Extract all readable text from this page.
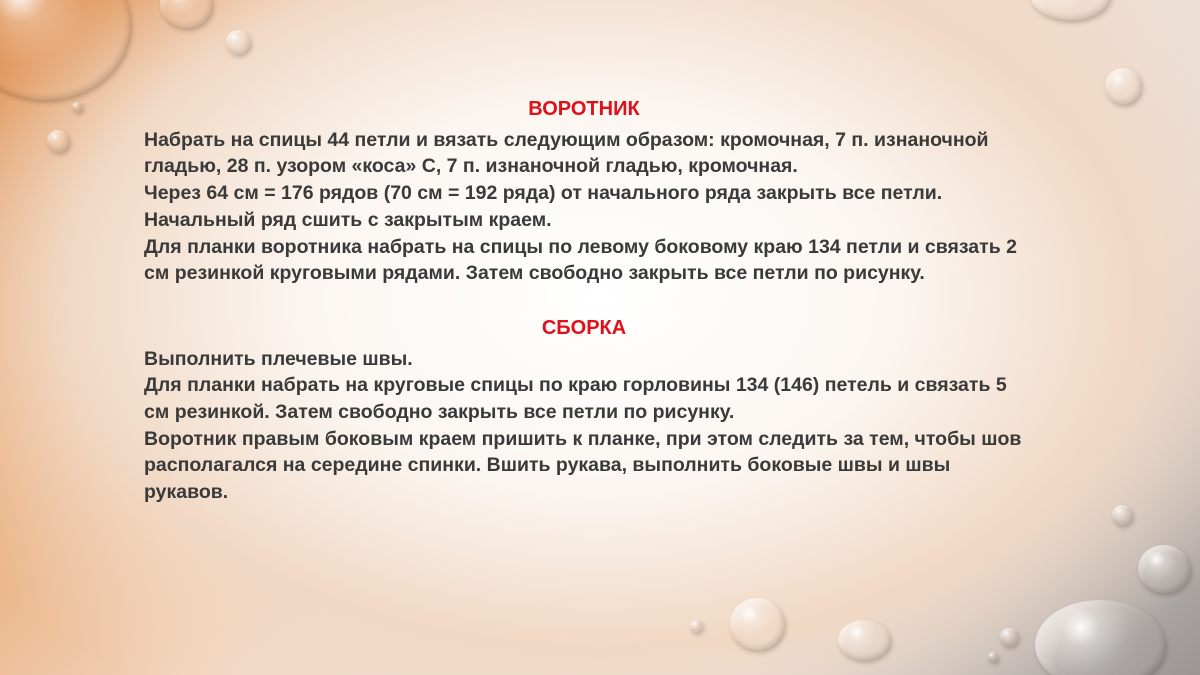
ВОРОТНИК

Набрать на спицы 44 петли и вязать следующим образом: кромочная, 7 п. изнаночной гладью, 28 п. узором «коса» С, 7 п. изнаночной гладью, кромочная.

Через 64 см = 176 рядов (70 см = 192 ряда) от начального ряда закрыть все петли. Начальный ряд сшить с закрытым краем.

Для планки воротника набрать на спицы по левому боковому краю 134 петли и связать 2 см резинкой круговыми рядами. Затем свободно закрыть все петли по рисунку.

СБОРКА

Выполнить плечевые швы.

Для планки набрать на круговые спицы по краю горловины 134 (146) петель и связать 5 см резинкой. Затем свободно закрыть все петли по рисунку.

Воротник правым боковым краем пришить к планке, при этом следить за тем, чтобы шов располагался на середине спинки. Вшить рукава, выполнить боковые швы и швы рукавов.
